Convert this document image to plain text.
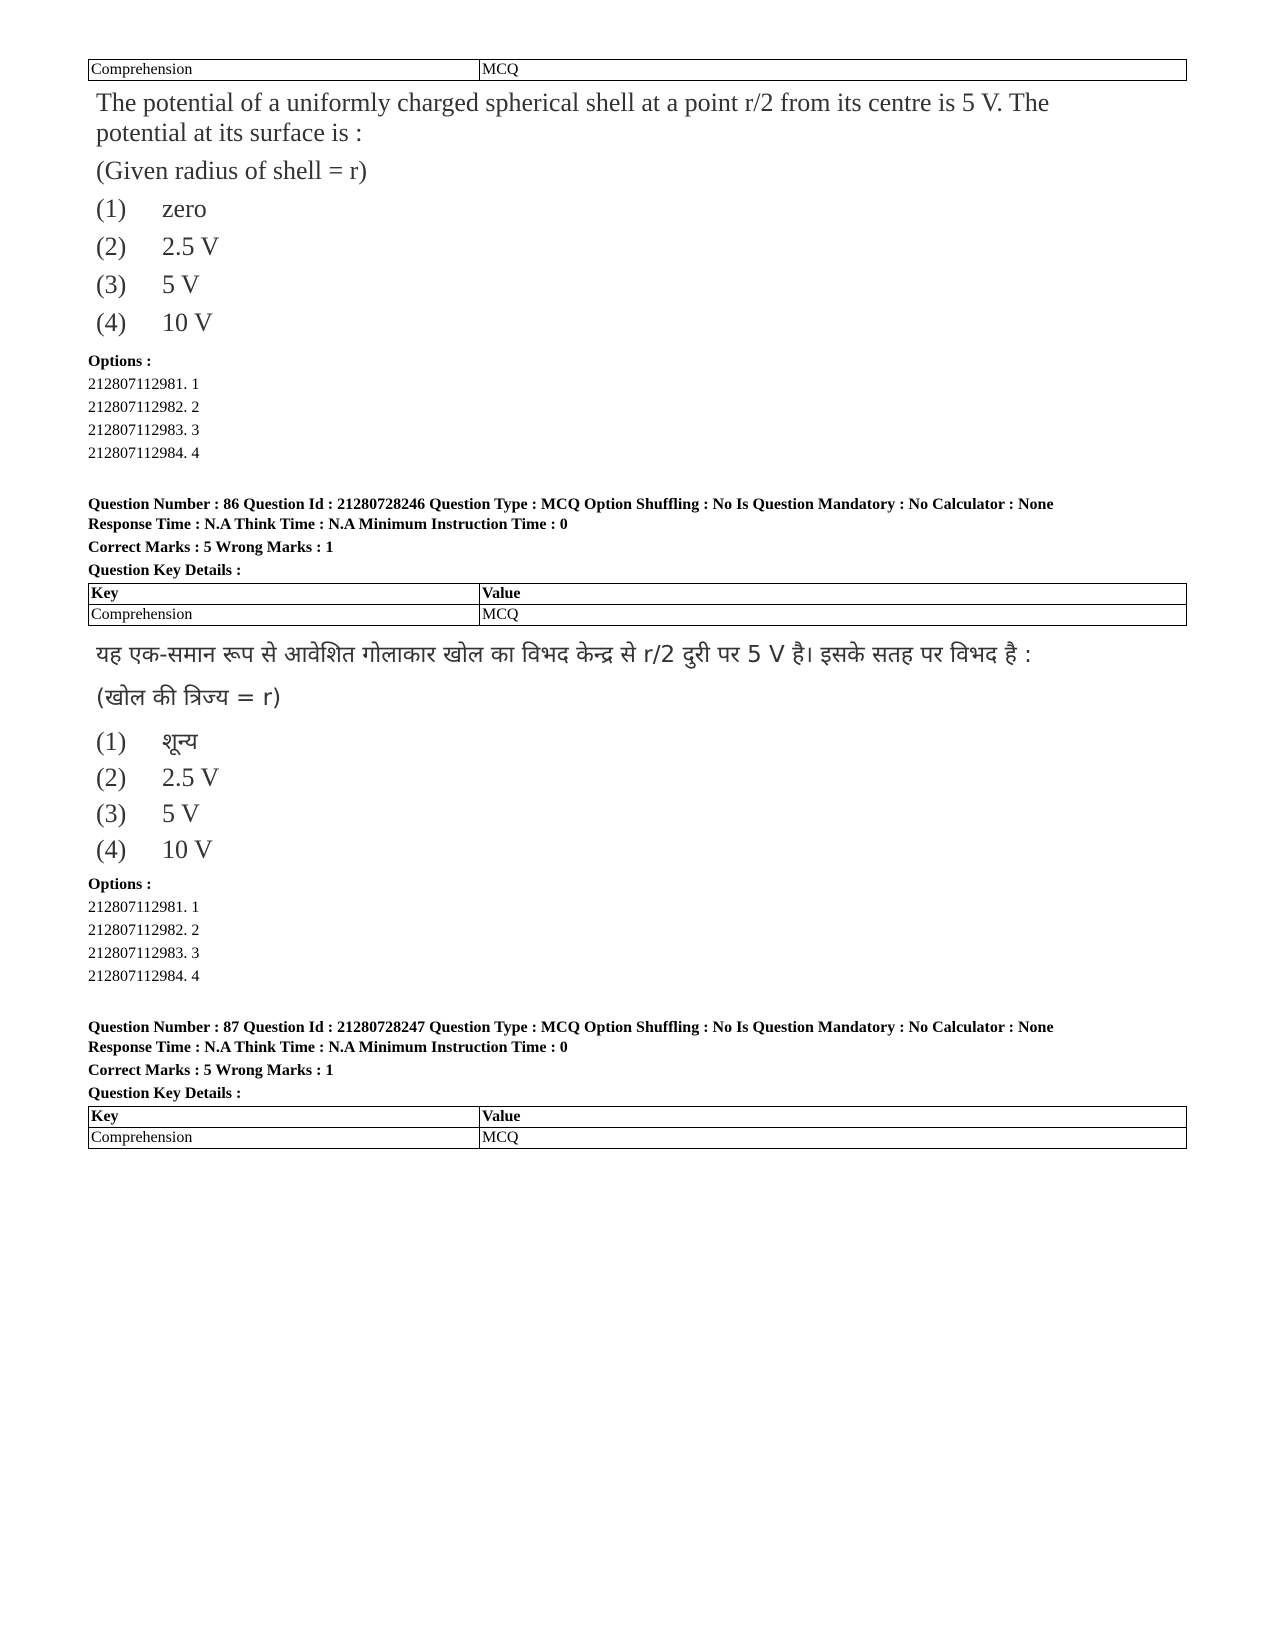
Comprehension	MCQ
The potential of a uniformly charged spherical shell at a point r/2 from its centre is 5 V. The
potential at its surface is :
(Given radius of shell = r)
(1)	zero
(2)	2.5 V
(3)	5 V
(4)	10 V
Options :
212807112981. 1
212807112982. 2
212807112983. 3
212807112984. 4
Question Number : 86 Question Id : 21280728246 Question Type : MCQ Option Shuffling : No Is Question Mandatory : No Calculator : None
Response Time : N.A Think Time : N.A Minimum Instruction Time : 0
Correct Marks : 5 Wrong Marks : 1
Question Key Details :
Key	Value
Comprehension	MCQ
यह एक-समान रूप से आवेशित गोलाकार खोल का विभद केन्द्र से r/2 दुरी पर 5 V है। इसके सतह पर विभद है :
(खोल की त्रिज्य = r)
(1)	शून्य
(2)	2.5 V
(3)	5 V
(4)	10 V
Options :
212807112981. 1
212807112982. 2
212807112983. 3
212807112984. 4
Question Number : 87 Question Id : 21280728247 Question Type : MCQ Option Shuffling : No Is Question Mandatory : No Calculator : None
Response Time : N.A Think Time : N.A Minimum Instruction Time : 0
Correct Marks : 5 Wrong Marks : 1
Question Key Details :
Key	Value
Comprehension	MCQ
